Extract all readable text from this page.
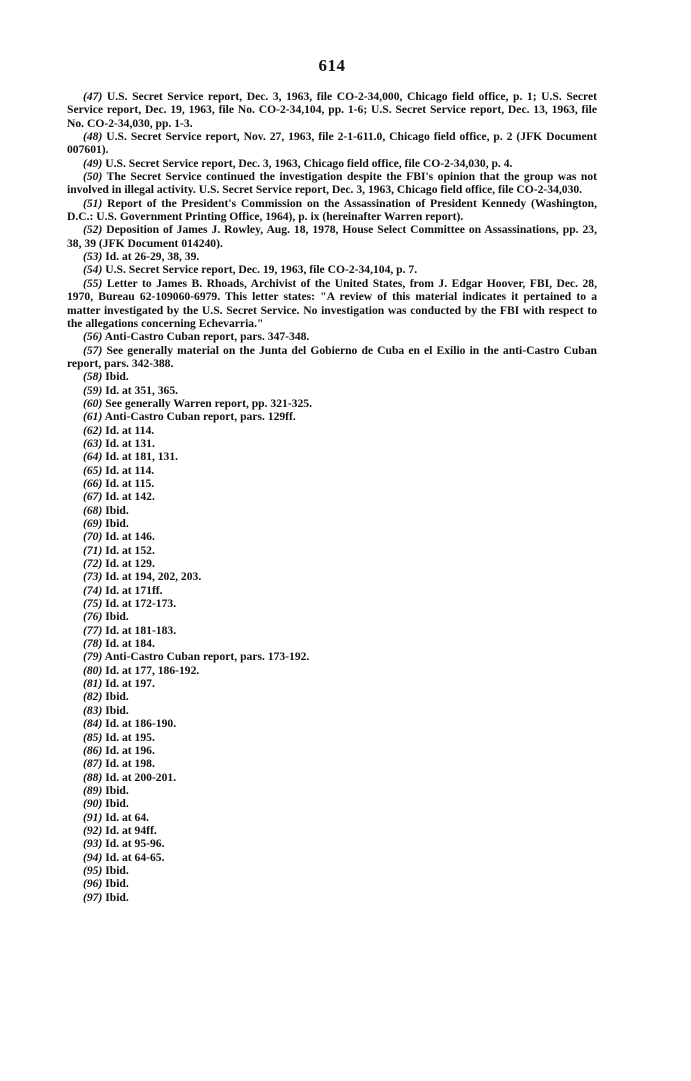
614

(47) U.S. Secret Service report, Dec. 3, 1963, file CO-2-34,000, Chicago field office, p. 1; U.S. Secret Service report, Dec. 19, 1963, file No. CO-2-34,104, pp. 1-6; U.S. Secret Service report, Dec. 13, 1963, file No. CO-2-34,030, pp. 1-3.

(48) U.S. Secret Service report, Nov. 27, 1963, file 2-1-611.0, Chicago field office, p. 2 (JFK Document 007601).

(49) U.S. Secret Service report, Dec. 3, 1963, Chicago field office, file CO-2-34,030, p. 4.

(50) The Secret Service continued the investigation despite the FBI's opinion that the group was not involved in illegal activity. U.S. Secret Service report, Dec. 3, 1963, Chicago field office, file CO-2-34,030.

(51) Report of the President's Commission on the Assassination of President Kennedy (Washington, D.C.: U.S. Government Printing Office, 1964), p. ix (hereinafter Warren report).

(52) Deposition of James J. Rowley, Aug. 18, 1978, House Select Committee on Assassinations, pp. 23, 38, 39 (JFK Document 014240).

(53) Id. at 26-29, 38, 39.

(54) U.S. Secret Service report, Dec. 19, 1963, file CO-2-34,104, p. 7.

(55) Letter to James B. Rhoads, Archivist of the United States, from J. Edgar Hoover, FBI, Dec. 28, 1970, Bureau 62-109060-6979. This letter states: "A review of this material indicates it pertained to a matter investigated by the U.S. Secret Service. No investigation was conducted by the FBI with respect to the allegations concerning Echevarria."

(56) Anti-Castro Cuban report, pars. 347-348.

(57) See generally material on the Junta del Gobierno de Cuba en el Exilio in the anti-Castro Cuban report, pars. 342-388.

(58) Ibid.

(59) Id. at 351, 365.

(60) See generally Warren report, pp. 321-325.

(61) Anti-Castro Cuban report, pars. 129ff.

(62) Id. at 114.

(63) Id. at 131.

(64) Id. at 181, 131.

(65) Id. at 114.

(66) Id. at 115.

(67) Id. at 142.

(68) Ibid.

(69) Ibid.

(70) Id. at 146.

(71) Id. at 152.

(72) Id. at 129.

(73) Id. at 194, 202, 203.

(74) Id. at 171ff.

(75) Id. at 172-173.

(76) Ibid.

(77) Id. at 181-183.

(78) Id. at 184.

(79) Anti-Castro Cuban report, pars. 173-192.

(80) Id. at 177, 186-192.

(81) Id. at 197.

(82) Ibid.

(83) Ibid.

(84) Id. at 186-190.

(85) Id. at 195.

(86) Id. at 196.

(87) Id. at 198.

(88) Id. at 200-201.

(89) Ibid.

(90) Ibid.

(91) Id. at 64.

(92) Id. at 94ff.

(93) Id. at 95-96.

(94) Id. at 64-65.

(95) Ibid.

(96) Ibid.

(97) Ibid.
